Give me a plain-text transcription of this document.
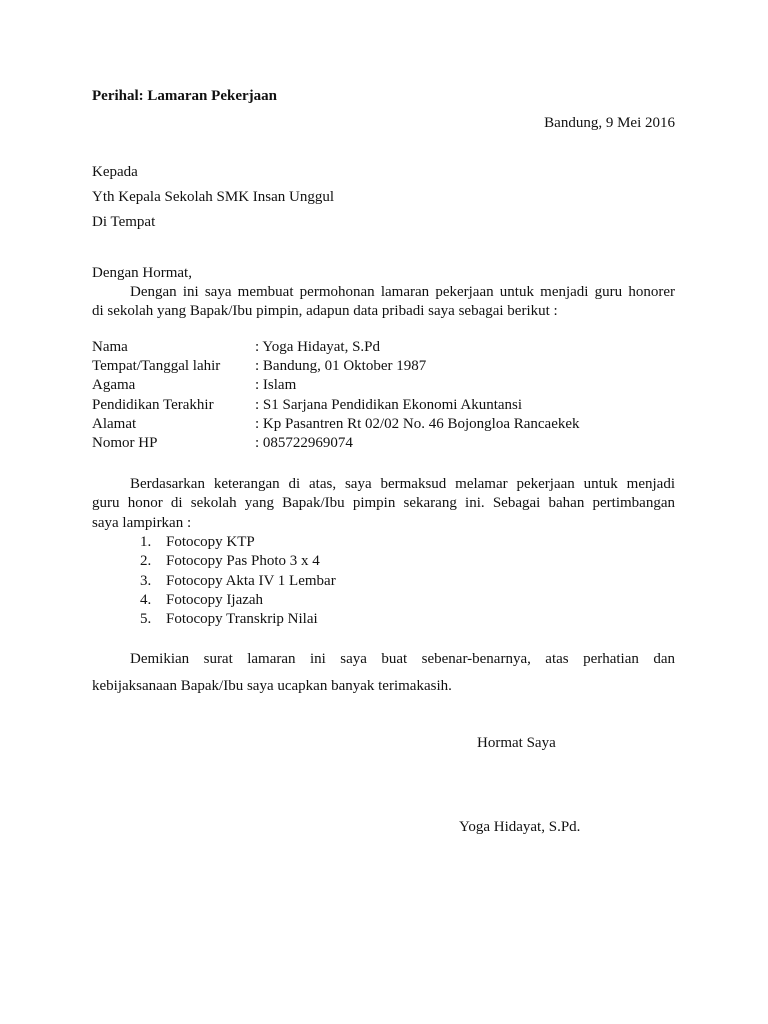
Perihal: Lamaran Pekerjaan
Bandung, 9 Mei 2016
Kepada
Yth Kepala Sekolah SMK Insan Unggul
Di Tempat
Dengan Hormat,
Dengan ini saya membuat permohonan lamaran pekerjaan untuk menjadi guru honorer
di sekolah yang Bapak/Ibu pimpin, adapun data pribadi saya sebagai berikut :
Nama	: Yoga Hidayat, S.Pd
Tempat/Tanggal lahir : Bandung, 01 Oktober 1987
Agama	: Islam
Pendidikan Terakhir	: S1 Sarjana Pendidikan Ekonomi Akuntansi
Alamat	: Kp Pasantren Rt 02/02 No. 46 Bojongloa Rancaekek
Nomor HP	: 085722969074
Berdasarkan keterangan di atas, saya bermaksud melamar pekerjaan untuk menjadi
guru honor di sekolah yang Bapak/Ibu pimpin sekarang ini. Sebagai bahan pertimbangan
saya lampirkan :
1. Fotocopy KTP
2. Fotocopy Pas Photo 3 x 4
3. Fotocopy Akta IV 1 Lembar
4. Fotocopy Ijazah
5. Fotocopy Transkrip Nilai
Demikian surat lamaran ini saya buat sebenar-benarnya, atas perhatian dan
kebijaksanaan Bapak/Ibu saya ucapkan banyak terimakasih.
Hormat Saya
Yoga Hidayat, S.Pd.
